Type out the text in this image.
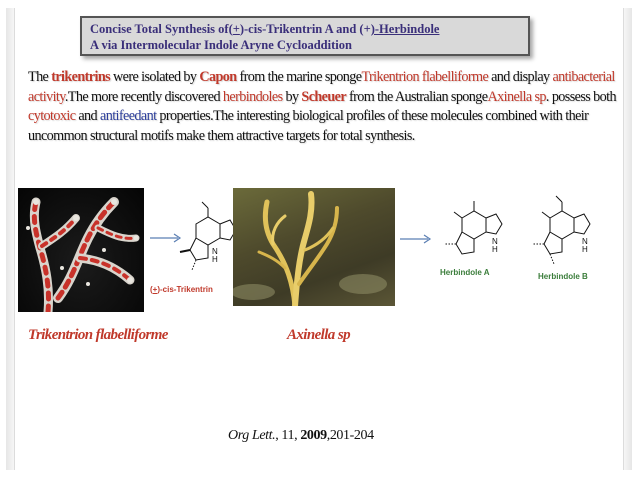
Concise Total Synthesis of(+)-cis-Trikentrin A and (+)-Herbindole
A via Intermolecular Indole Aryne Cycloaddition
The trikentrins were isolated by Capon from the marine spongeTrikentrion flabelliforme and display antibacterial activity.The more recently discovered herbindoles by Scheuer from the Australian spongeAxinella sp. possess both cytotoxic and antifeedant properties.The interesting biological profiles of these molecules combined with their uncommon structural motifs make them attractive targets for total synthesis.
N
H
(+)-cis-Trikentrin
N
H
Herbindole A
N
H
Herbindole B
Trikentrion flabelliforme	Axinella sp
Org Lett., 11, 2009,201-204
